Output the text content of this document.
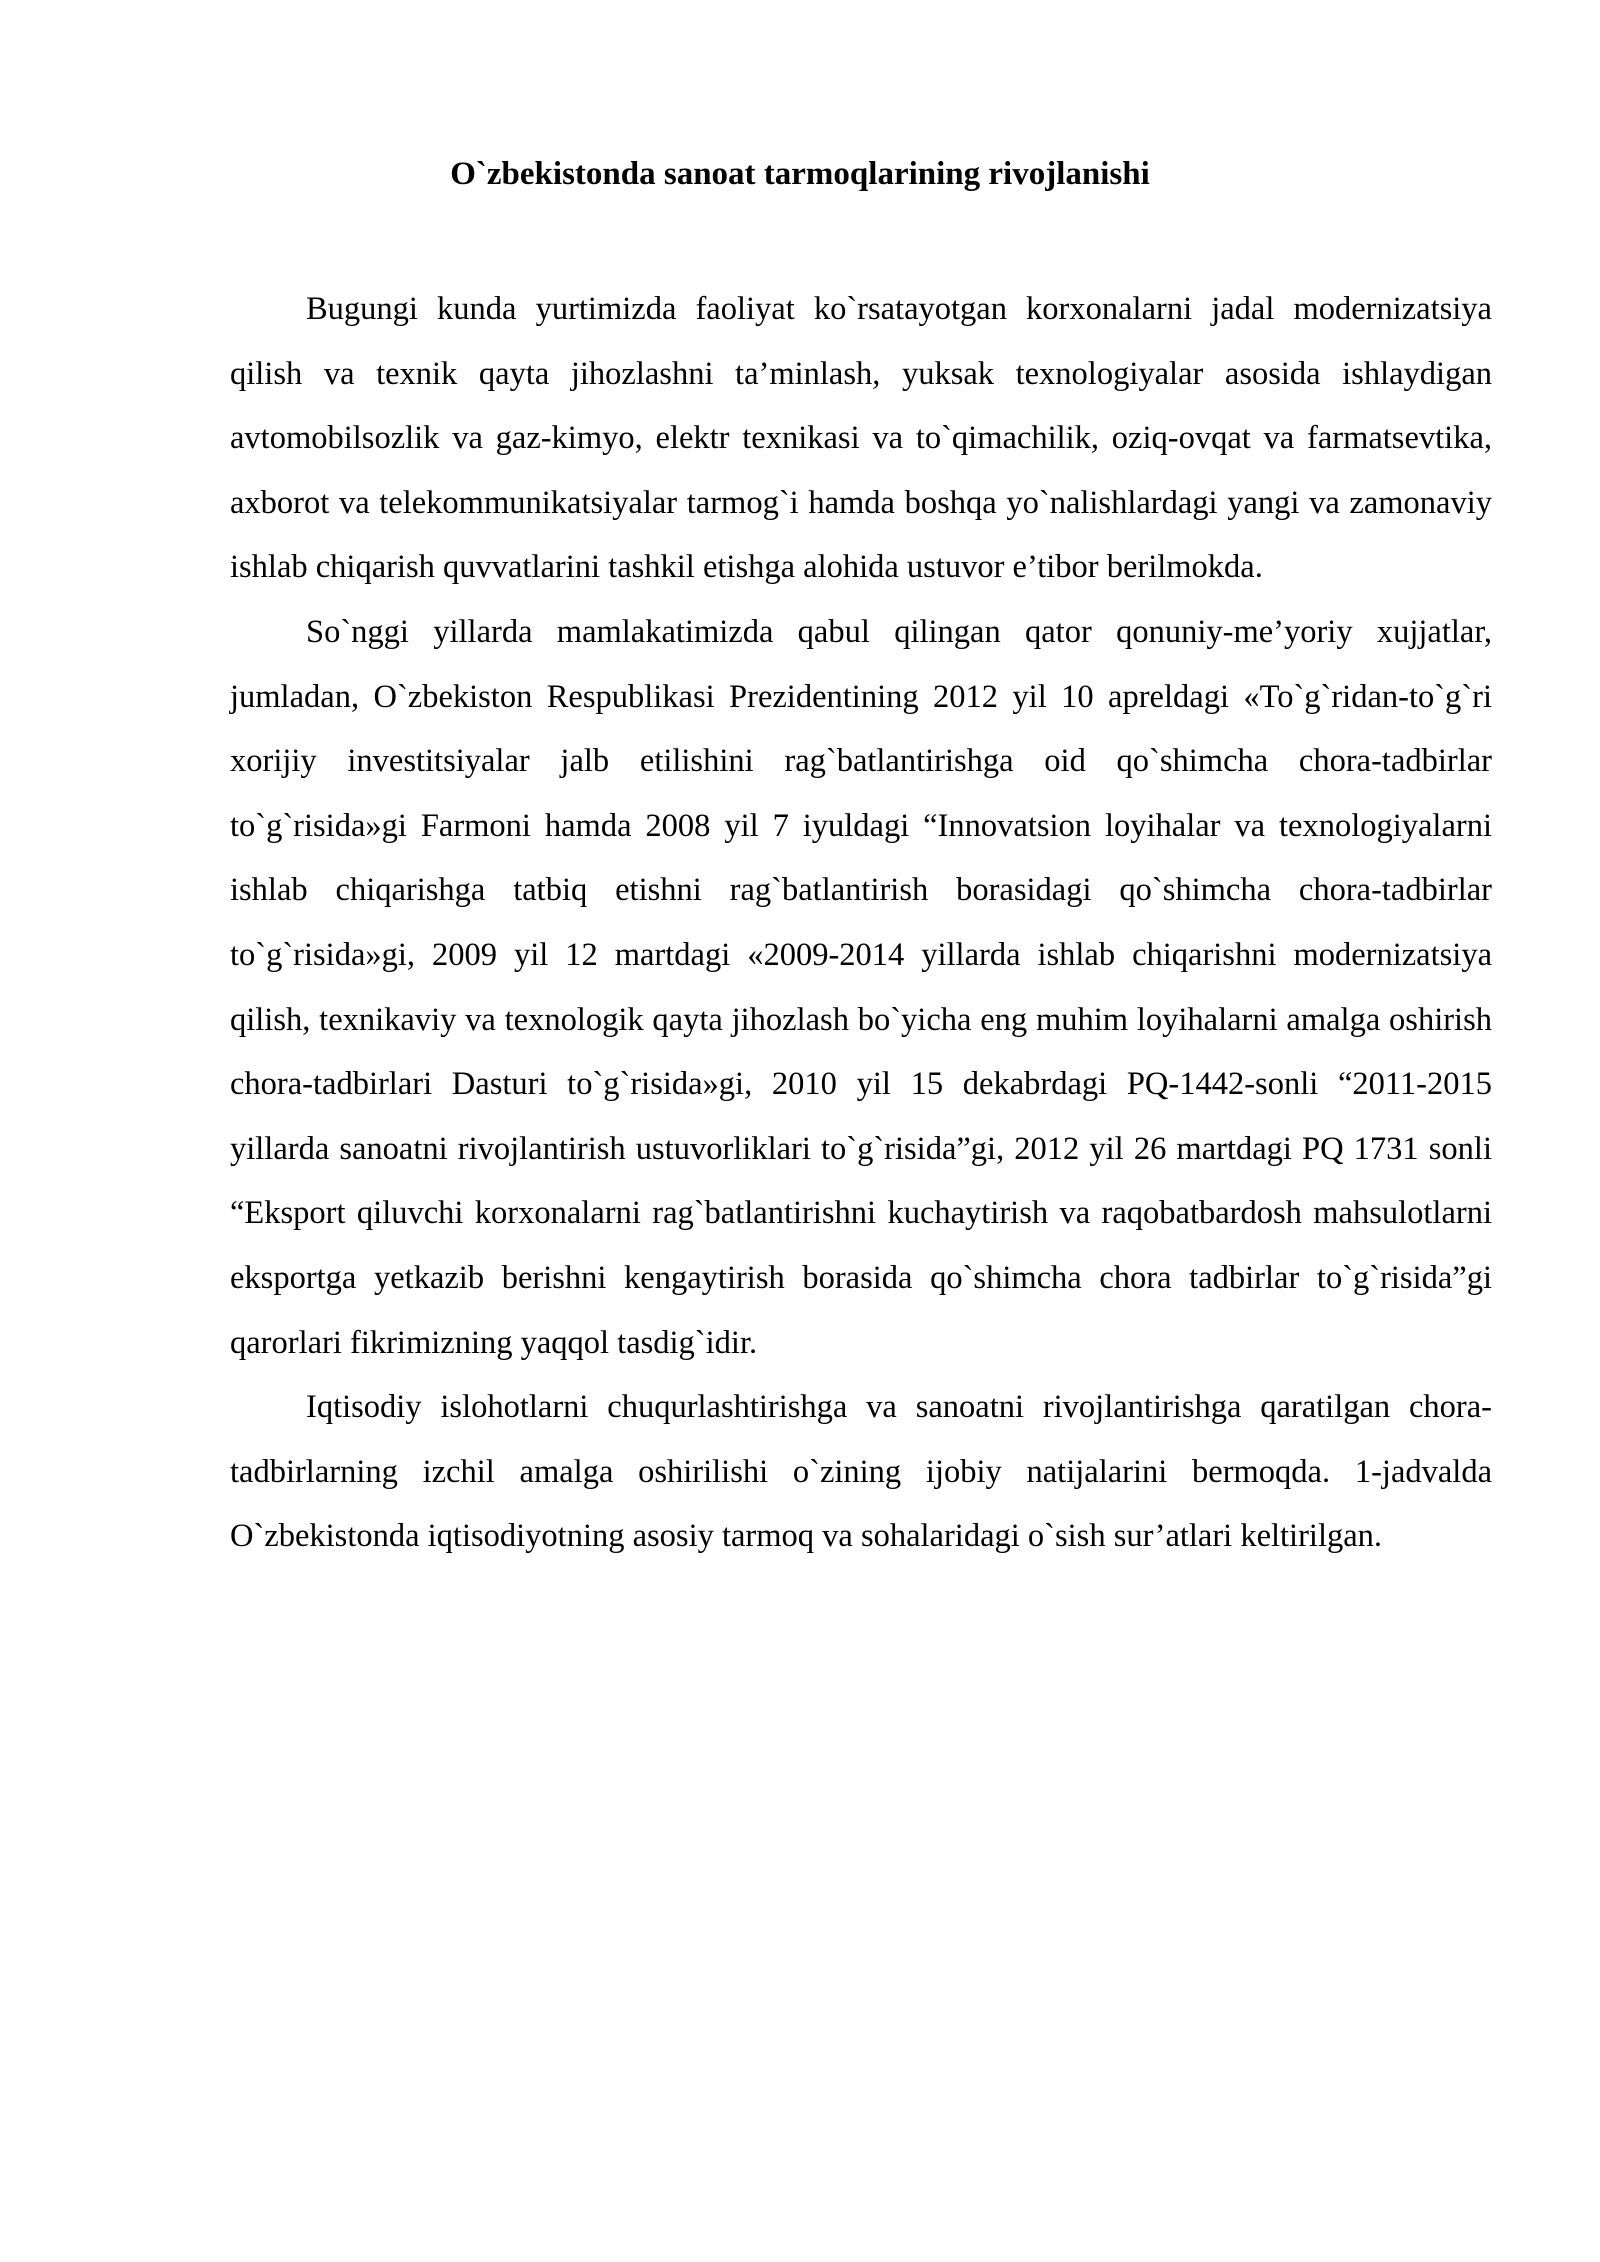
O`zbekistonda sanoat tarmoqlarining rivojlanishi

Bugungi kunda yurtimizda faoliyat ko`rsatayotgan korxonalarni jadal modernizatsiya qilish va texnik qayta jihozlashni ta’minlash, yuksak texnologiyalar asosida ishlaydigan avtomobilsozlik va gaz-kimyo, elektr texnikasi va to`qimachilik, oziq-ovqat va farmatsevtika, axborot va telekommunikatsiyalar tarmog`i hamda boshqa yo`nalishlardagi yangi va zamonaviy ishlab chiqarish quvvatlarini tashkil etishga alohida ustuvor e’tibor berilmokda.

So`nggi yillarda mamlakatimizda qabul qilingan qator qonuniy-me’yoriy xujjatlar, jumladan, O`zbekiston Respublikasi Prezidentining 2012 yil 10 apreldagi «To`g`ridan-to`g`ri xorijiy investitsiyalar jalb etilishini rag`batlantirishga oid qo`shimcha chora-tadbirlar to`g`risida»gi Farmoni hamda 2008 yil 7 iyuldagi “Innovatsion loyihalar va texnologiyalarni ishlab chiqarishga tatbiq etishni rag`batlantirish borasidagi qo`shimcha chora-tadbirlar to`g`risida»gi, 2009 yil 12 martdagi «2009-2014 yillarda ishlab chiqarishni modernizatsiya qilish, texnikaviy va texnologik qayta jihozlash bo`yicha eng muhim loyihalarni amalga oshirish chora-tadbirlari Dasturi to`g`risida»gi, 2010 yil 15 dekabrdagi PQ-1442-sonli “2011-2015 yillarda sanoatni rivojlantirish ustuvorliklari to`g`risida”gi, 2012 yil 26 martdagi PQ 1731 sonli “Eksport qiluvchi korxonalarni rag`batlantirishni kuchaytirish va raqobatbardosh mahsulotlarni eksportga yetkazib berishni kengaytirish borasida qo`shimcha chora tadbirlar to`g`risida”gi qarorlari fikrimizning yaqqol tasdig`idir.

Iqtisodiy islohotlarni chuqurlashtirishga va sanoatni rivojlantirishga qaratilgan chora-tadbirlarning izchil amalga oshirilishi o`zining ijobiy natijalarini bermoqda. 1-jadvalda O`zbekistonda iqtisodiyotning asosiy tarmoq va sohalaridagi o`sish sur’atlari keltirilgan.
